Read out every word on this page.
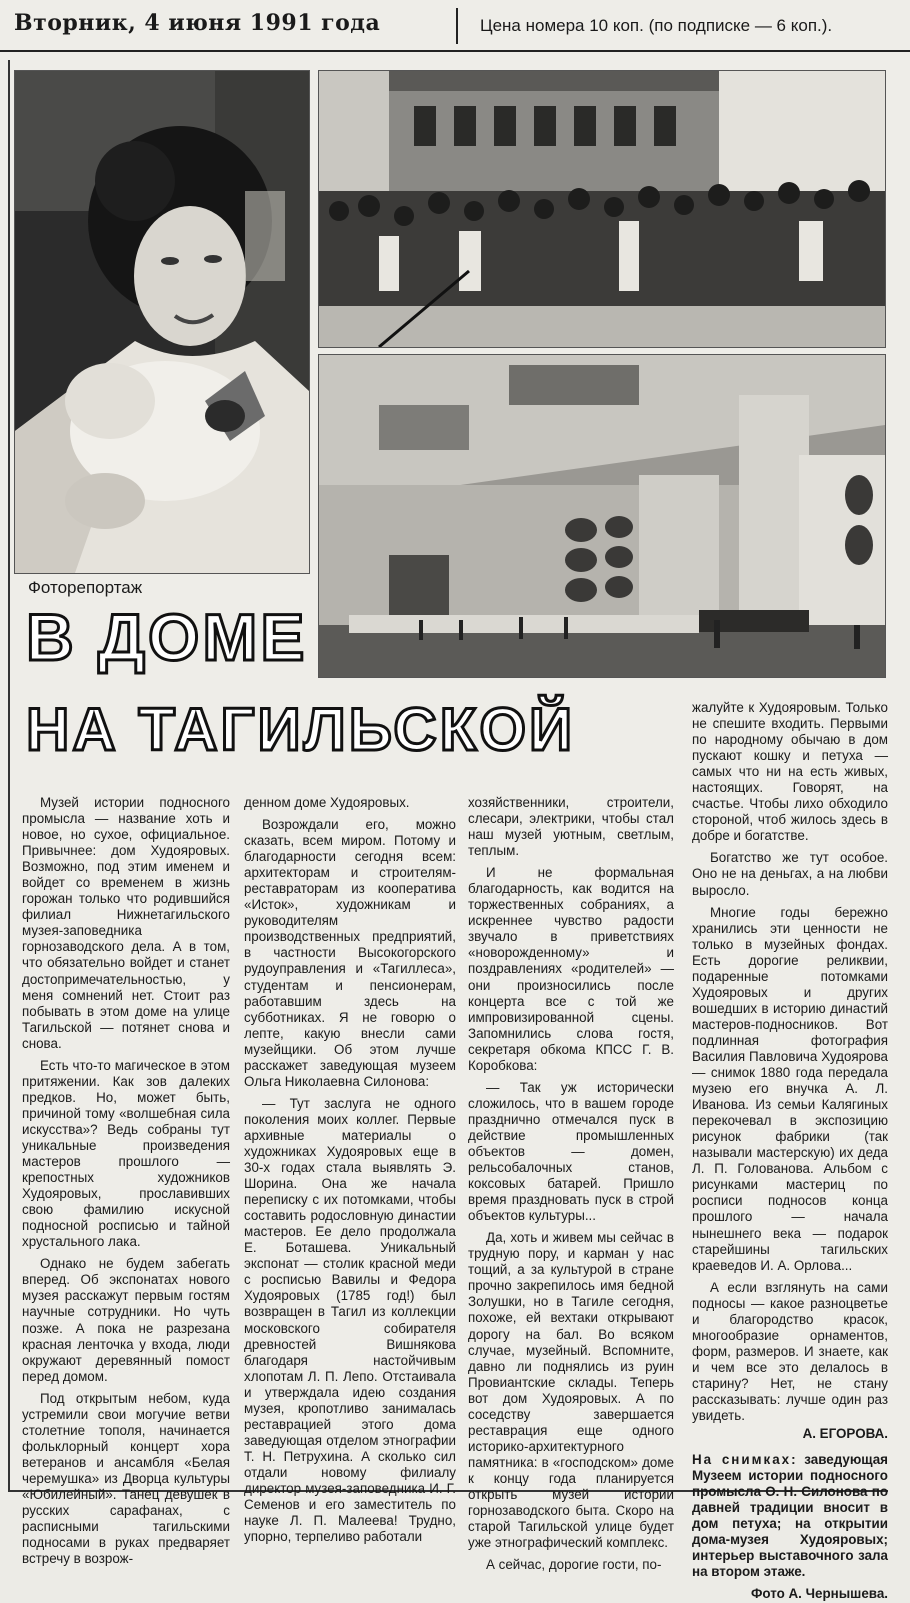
Вторник, 4 июня 1991 года	Цена номера 10 коп. (по подписке — 6 коп.).
Фоторепортаж
В ДОМЕ
НА ТАГИЛЬСКОЙ

Музей истории подносного промысла — название хоть и новое, но сухое, официальное. Привычнее: дом Худояровых. Возможно, под этим именем и войдет со временем в жизнь горожан только что родившийся филиал Нижнетагильского музея-заповедника горнозаводского дела. А в том, что обязательно войдет и станет достопримечательностью, у меня сомнений нет. Стоит раз побывать в этом доме на улице Тагильской — потянет снова и снова.

Есть что-то магическое в этом притяжении. Как зов далеких предков. Но, может быть, причиной тому «волшебная сила искусства»? Ведь собраны тут уникальные произведения мастеров прошлого — крепостных художников Худояровых, прославивших свою фамилию искусной подносной росписью и тайной хрустального лака.

Однако не будем забегать вперед. Об экспонатах нового музея расскажут первым гостям научные сотрудники. Но чуть позже. А пока не разрезана красная ленточка у входа, люди окружают деревянный помост перед домом.

Под открытым небом, куда устремили свои могучие ветви столетние тополя, начинается фольклорный концерт хора ветеранов и ансамбля «Белая черемушка» из Дворца культуры «Юбилейный». Танец девушек в русских сарафанах, с расписными тагильскими подносами в руках предваряет встречу в возрож-

денном доме Худояровых.

Возрождали его, можно сказать, всем миром. Потому и благодарности сегодня всем: архитекторам и строителям-реставраторам из кооператива «Исток», художникам и руководителям производственных предприятий, в частности Высокогорского рудоуправления и «Тагиллеса», студентам и пенсионерам, работавшим здесь на субботниках. Я не говорю о лепте, какую внесли сами музейщики. Об этом лучше расскажет заведующая музеем Ольга Николаевна Силонова:

— Тут заслуга не одного поколения моих коллег. Первые архивные материалы о художниках Худояровых еще в 30-х годах стала выявлять Э. Шорина. Она же начала переписку с их потомками, чтобы составить родословную династии мастеров. Ее дело продолжала Е. Боташева. Уникальный экспонат — столик красной меди с росписью Вавилы и Федора Худояровых (1785 год!) был возвращен в Тагил из коллекции московского собирателя древностей Вишнякова благодаря настойчивым хлопотам Л. П. Лепо. Отстаивала и утверждала идею создания музея, кропотливо занималась реставрацией этого дома заведующая отделом этнографии Т. Н. Петрухина. А сколько сил отдали новому филиалу директор музея-заповедника И. Г. Семенов и его заместитель по науке Л. П. Малеева! Трудно, упорно, терпеливо работали

хозяйственники, строители, слесари, электрики, чтобы стал наш музей уютным, светлым, теплым.

И не формальная благодарность, как водится на торжественных собраниях, а искреннее чувство радости звучало в приветствиях «новорожденному» и поздравлениях «родителей» — они произносились после концерта все с той же импровизированной сцены. Запомнились слова гостя, секретаря обкома КПСС Г. В. Коробкова:

— Так уж исторически сложилось, что в вашем городе празднично отмечался пуск в действие промышленных объектов — домен, рельсобалочных станов, коксовых батарей. Пришло время праздновать пуск в строй объектов культуры...

Да, хоть и живем мы сейчас в трудную пору, и карман у нас тощий, а за культурой в стране прочно закрепилось имя бедной Золушки, но в Тагиле сегодня, похоже, ей вехтаки открывают дорогу на бал. Во всяком случае, музейный. Вспомните, давно ли поднялись из руин Провиантские склады. Теперь вот дом Худояровых. А по соседству завершается реставрация еще одного историко-архитектурного памятника: в «господском» доме к концу года планируется открыть музей истории горнозаводского быта. Скоро на старой Тагильской улице будет уже этнографический комплекс.

А сейчас, дорогие гости, по-

жалуйте к Худояровым. Только не спешите входить. Первыми по народному обычаю в дом пускают кошку и петуха — самых что ни на есть живых, настоящих. Говорят, на счастье. Чтобы лихо обходило стороной, чтоб жилось здесь в добре и богатстве.

Богатство же тут особое. Оно не на деньгах, а на любви выросло.

Многие годы бережно хранились эти ценности не только в музейных фондах. Есть дорогие реликвии, подаренные потомками Худояровых и других вошедших в историю династий мастеров-подносников. Вот подлинная фотография Василия Павловича Худоярова — снимок 1880 года передала музею его внучка А. Л. Иванова. Из семьи Калягиных перекочевал в экспозицию рисунок фабрики (так называли мастерскую) их деда Л. П. Голованова. Альбом с рисунками мастериц по росписи подносов конца прошлого — начала нынешнего века — подарок старейшины тагильских краеведов И. А. Орлова...

А если взглянуть на сами подносы — какое разноцветье и благородство красок, многообразие орнаментов, форм, размеров. И знаете, как и чем все это делалось в старину? Нет, не стану рассказывать: лучше один раз увидеть.

А. ЕГОРОВА.

На снимках: заведующая Музеем истории подносного промысла О. Н. Силонова по давней традиции вносит в дом петуха; на открытии дома-музея Худояровых; интерьер выставочного зала на втором этаже.

Фото А. Чернышева.
